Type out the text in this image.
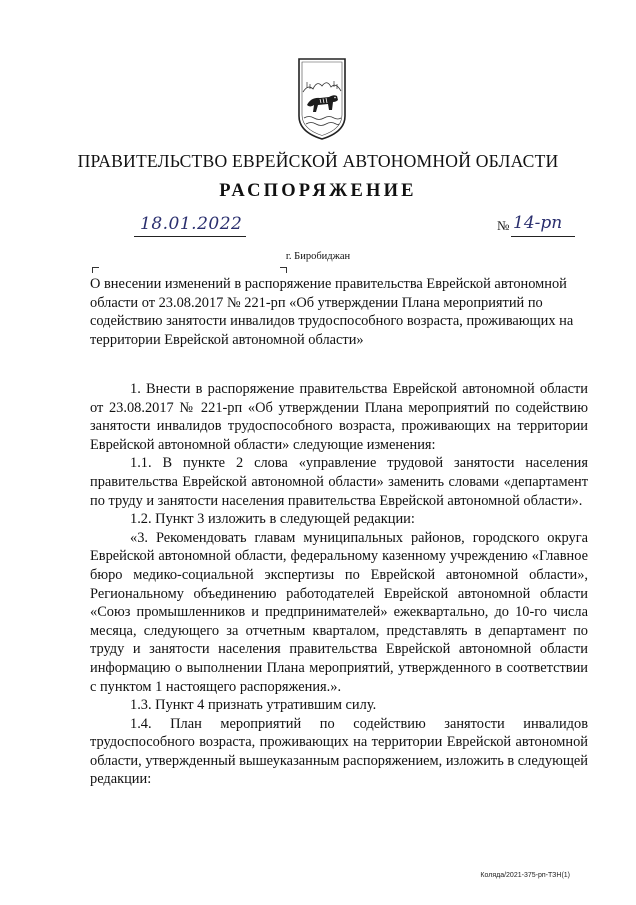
ПРАВИТЕЛЬСТВО ЕВРЕЙСКОЙ АВТОНОМНОЙ ОБЛАСТИ
РАСПОРЯЖЕНИЕ
18.01.2022	№ 14-рп
г. Биробиджан
О внесении изменений в распоряжение правительства Еврейской автономной области от 23.08.2017 № 221-рп «Об утверждении Плана мероприятий по содействию занятости инвалидов трудоспособного возраста, проживающих на территории Еврейской автономной области»

1. Внести в распоряжение правительства Еврейской автономной области от 23.08.2017 № 221-рп «Об утверждении Плана мероприятий по содействию занятости инвалидов трудоспособного возраста, проживающих на территории Еврейской автономной области» следующие изменения:

1.1. В пункте 2 слова «управление трудовой занятости населения правительства Еврейской автономной области» заменить словами «департамент по труду и занятости населения правительства Еврейской автономной области».

1.2. Пункт 3 изложить в следующей редакции:

«3. Рекомендовать главам муниципальных районов, городского округа Еврейской автономной области, федеральному казенному учреждению «Главное бюро медико-социальной экспертизы по Еврейской автономной области», Региональному объединению работодателей Еврейской автономной области «Союз промышленников и предпринимателей» ежеквартально, до 10-го числа месяца, следующего за отчетным кварталом, представлять в департамент по труду и занятости населения правительства Еврейской автономной области информацию о выполнении Плана мероприятий, утвержденного в соответствии с пунктом 1 настоящего распоряжения.».

1.3. Пункт 4 признать утратившим силу.

1.4. План мероприятий по содействию занятости инвалидов трудоспособного возраста, проживающих на территории Еврейской автономной области, утвержденный вышеуказанным распоряжением, изложить в следующей редакции:

Коляда/2021-375-рп-ТЗН(1)
